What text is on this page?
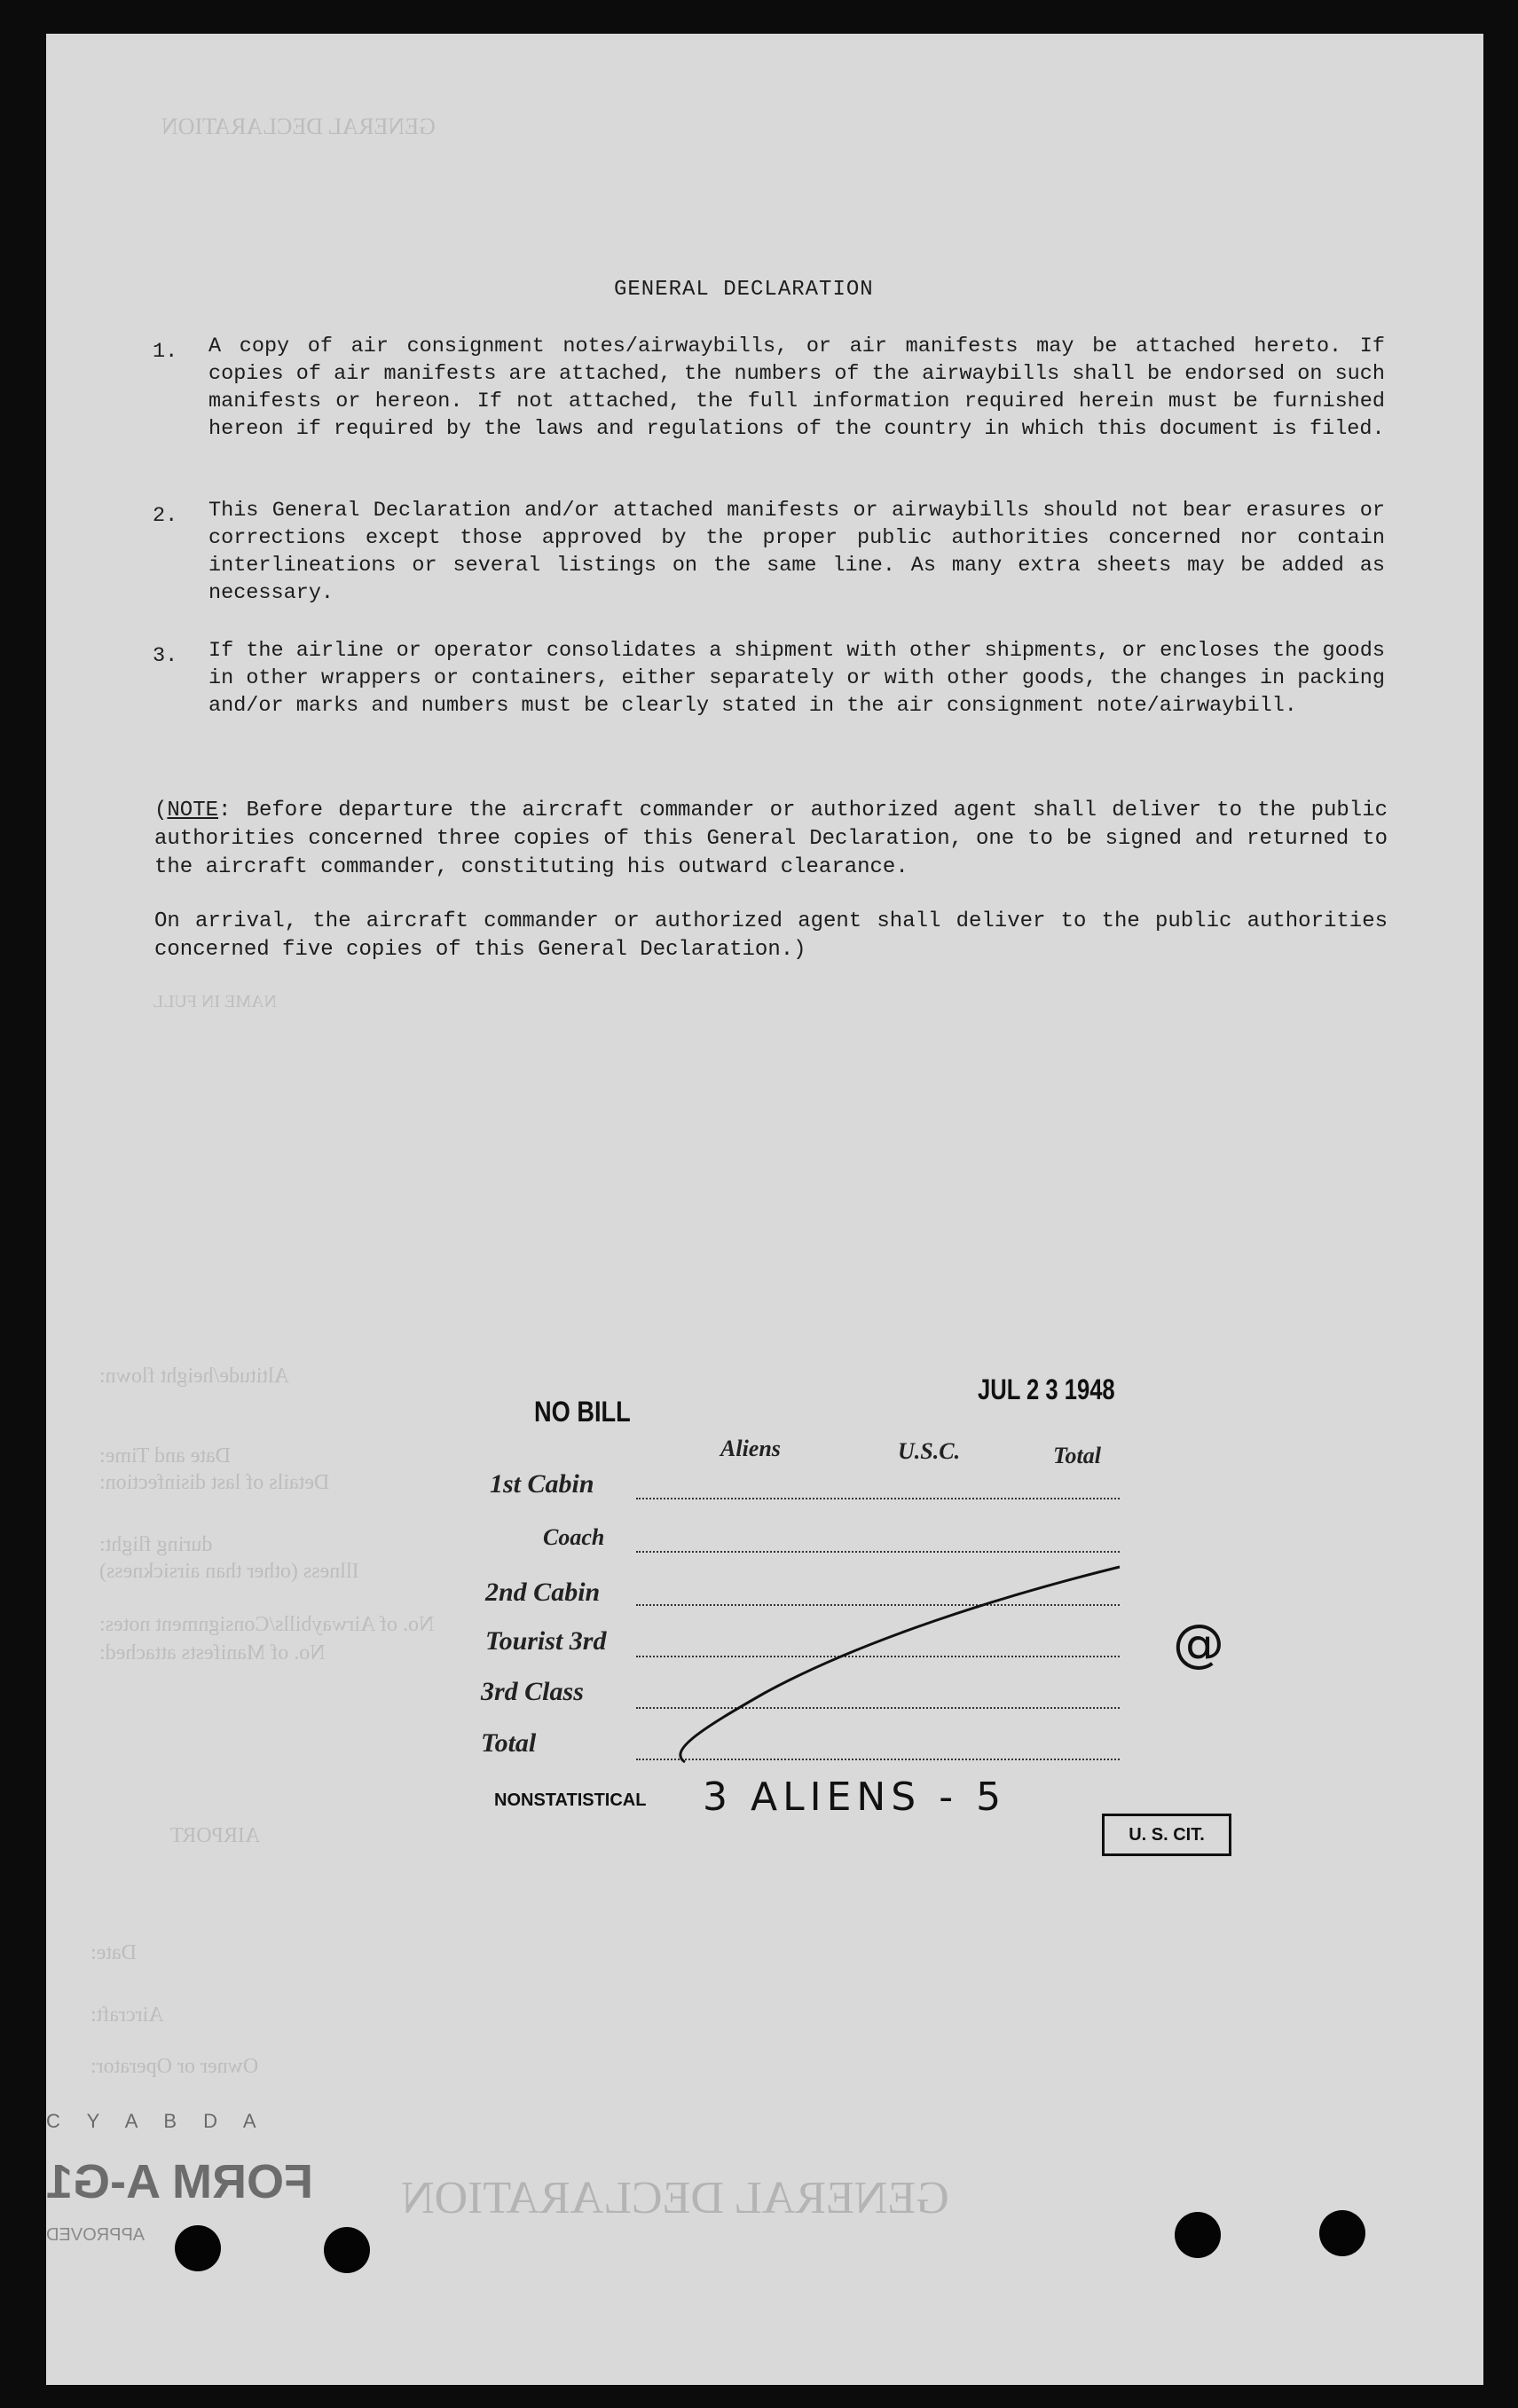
GENERAL DECLARATION
Altitude/height flown:
Date and Time:
Details of last disinfection:
during flight:
Illness (other than airsickness)
No. of Airwaybills/Consignment notes:
No. of Manifests attached:
AIRPORT
Date:
Aircraft:
Owner or Operator:
NAME IN FULL
GENERAL DECLARATION
C Y A B D A
FORM A-G1
APPROVED
GENERAL DECLARATION
1. A copy of air consignment notes/airwaybills, or air manifests may be attached hereto. If copies of air manifests are attached, the numbers of the airwaybills shall be endorsed on such manifests or hereon. If not attached, the full information required herein must be furnished hereon if required by the laws and regulations of the country in which this document is filed.
2. This General Declaration and/or attached manifests or airwaybills should not bear erasures or corrections except those approved by the proper public authorities concerned nor contain interlineations or several listings on the same line. As many extra sheets may be added as necessary.
3. If the airline or operator consolidates a shipment with other shipments, or encloses the goods in other wrappers or containers, either separately or with other goods, the changes in packing and/or marks and numbers must be clearly stated in the air consignment note/airwaybill.
(NOTE: Before departure the aircraft commander or authorized agent shall deliver to the public authorities concerned three copies of this General Declaration, one to be signed and returned to the aircraft commander, constituting his outward clearance.
On arrival, the aircraft commander or authorized agent shall deliver to the public authorities concerned five copies of this General Declaration.)
NO BILL
JUL 2 3 1948
Aliens	U.S.C.	Total
1st Cabin
Coach
2nd Cabin
Tourist 3rd
3rd Class
Total
@
NONSTATISTICAL 3 ALIENS - 5
U. S. CIT.
